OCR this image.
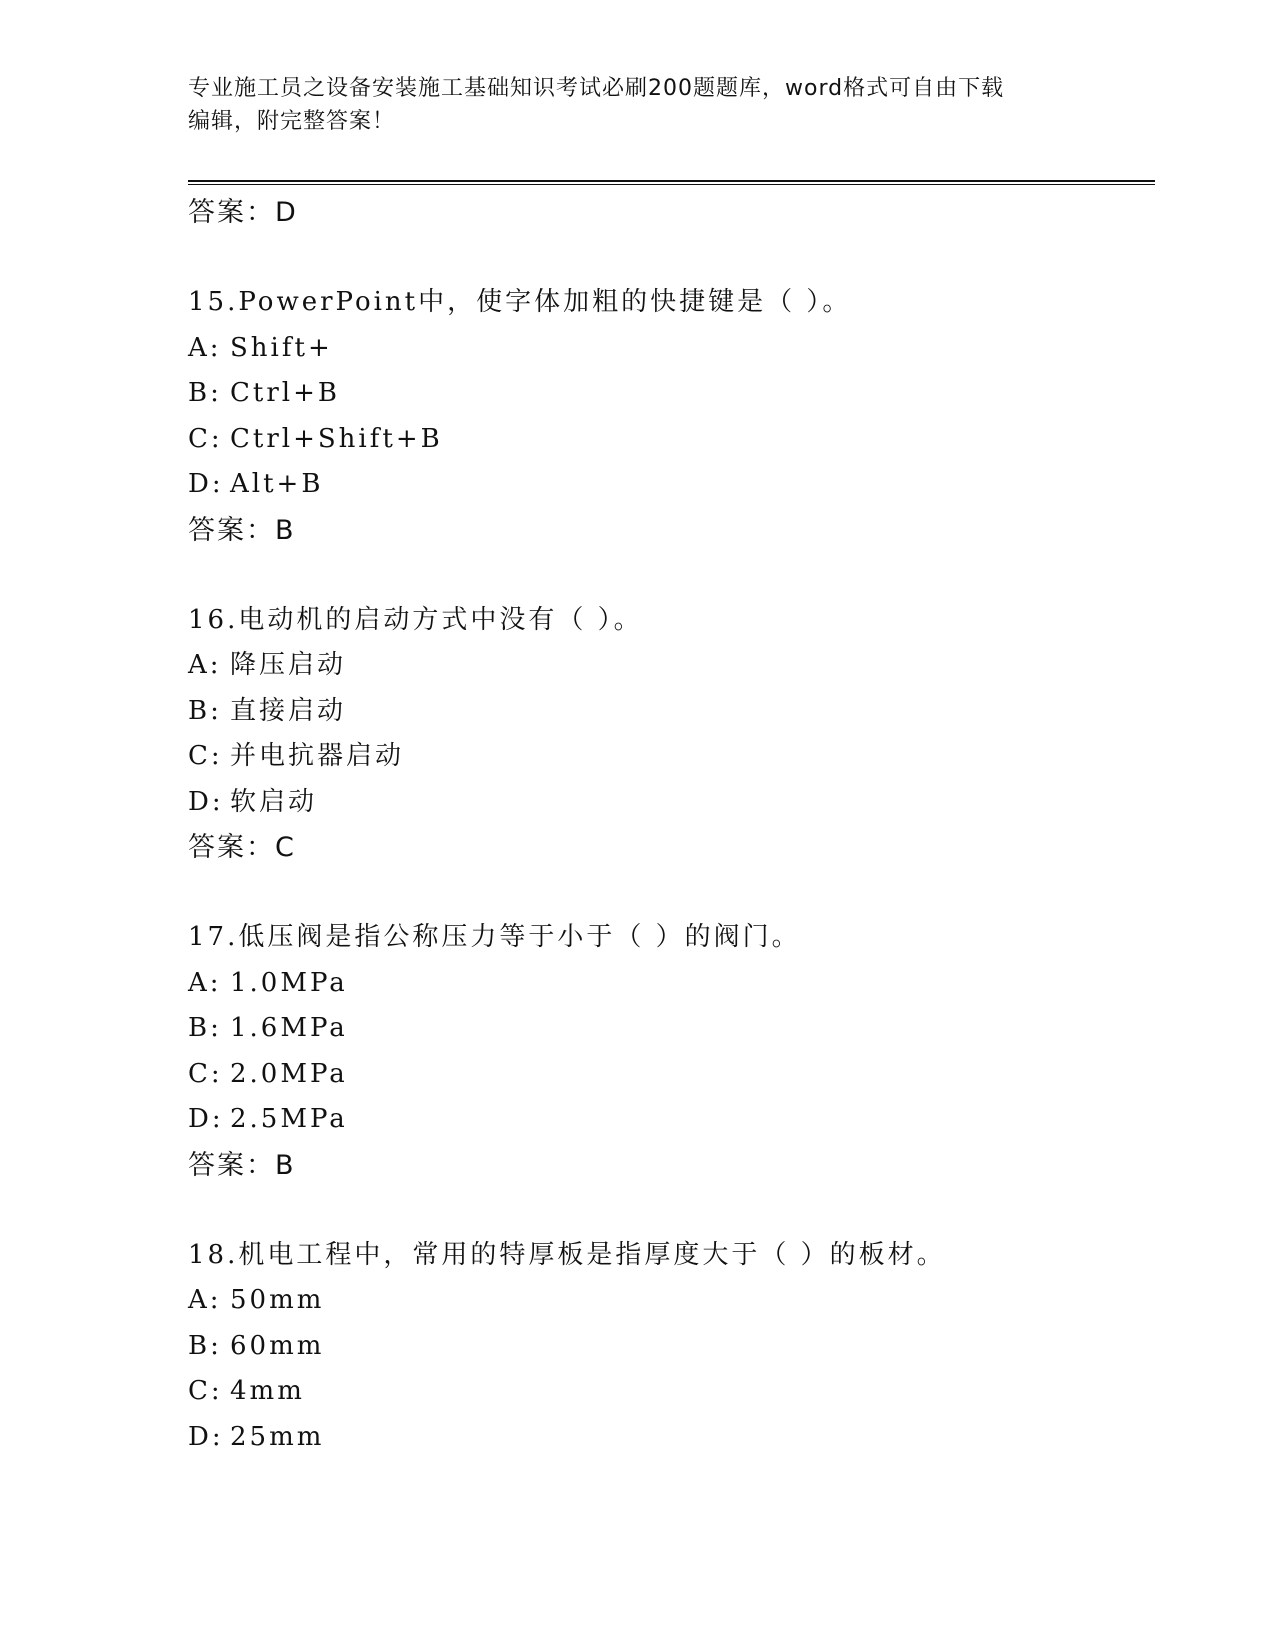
专业施工员之设备安装施工基础知识考试必刷200题题库，word格式可自由下载
编辑，附完整答案！
答案：D
15.PowerPoint中，使字体加粗的快捷键是（ ）。
A: Shift+
B: Ctrl+B
C: Ctrl+Shift+B
D: Alt+B
答案：B
16.电动机的启动方式中没有（ ）。
A: 降压启动
B: 直接启动
C: 并电抗器启动
D: 软启动
答案：C
17.低压阀是指公称压力等于小于（ ）的阀门。
A: 1.0MPa
B: 1.6MPa
C: 2.0MPa
D: 2.5MPa
答案：B
18.机电工程中，常用的特厚板是指厚度大于（ ）的板材。
A: 50mm
B: 60mm
C: 4mm
D: 25mm
